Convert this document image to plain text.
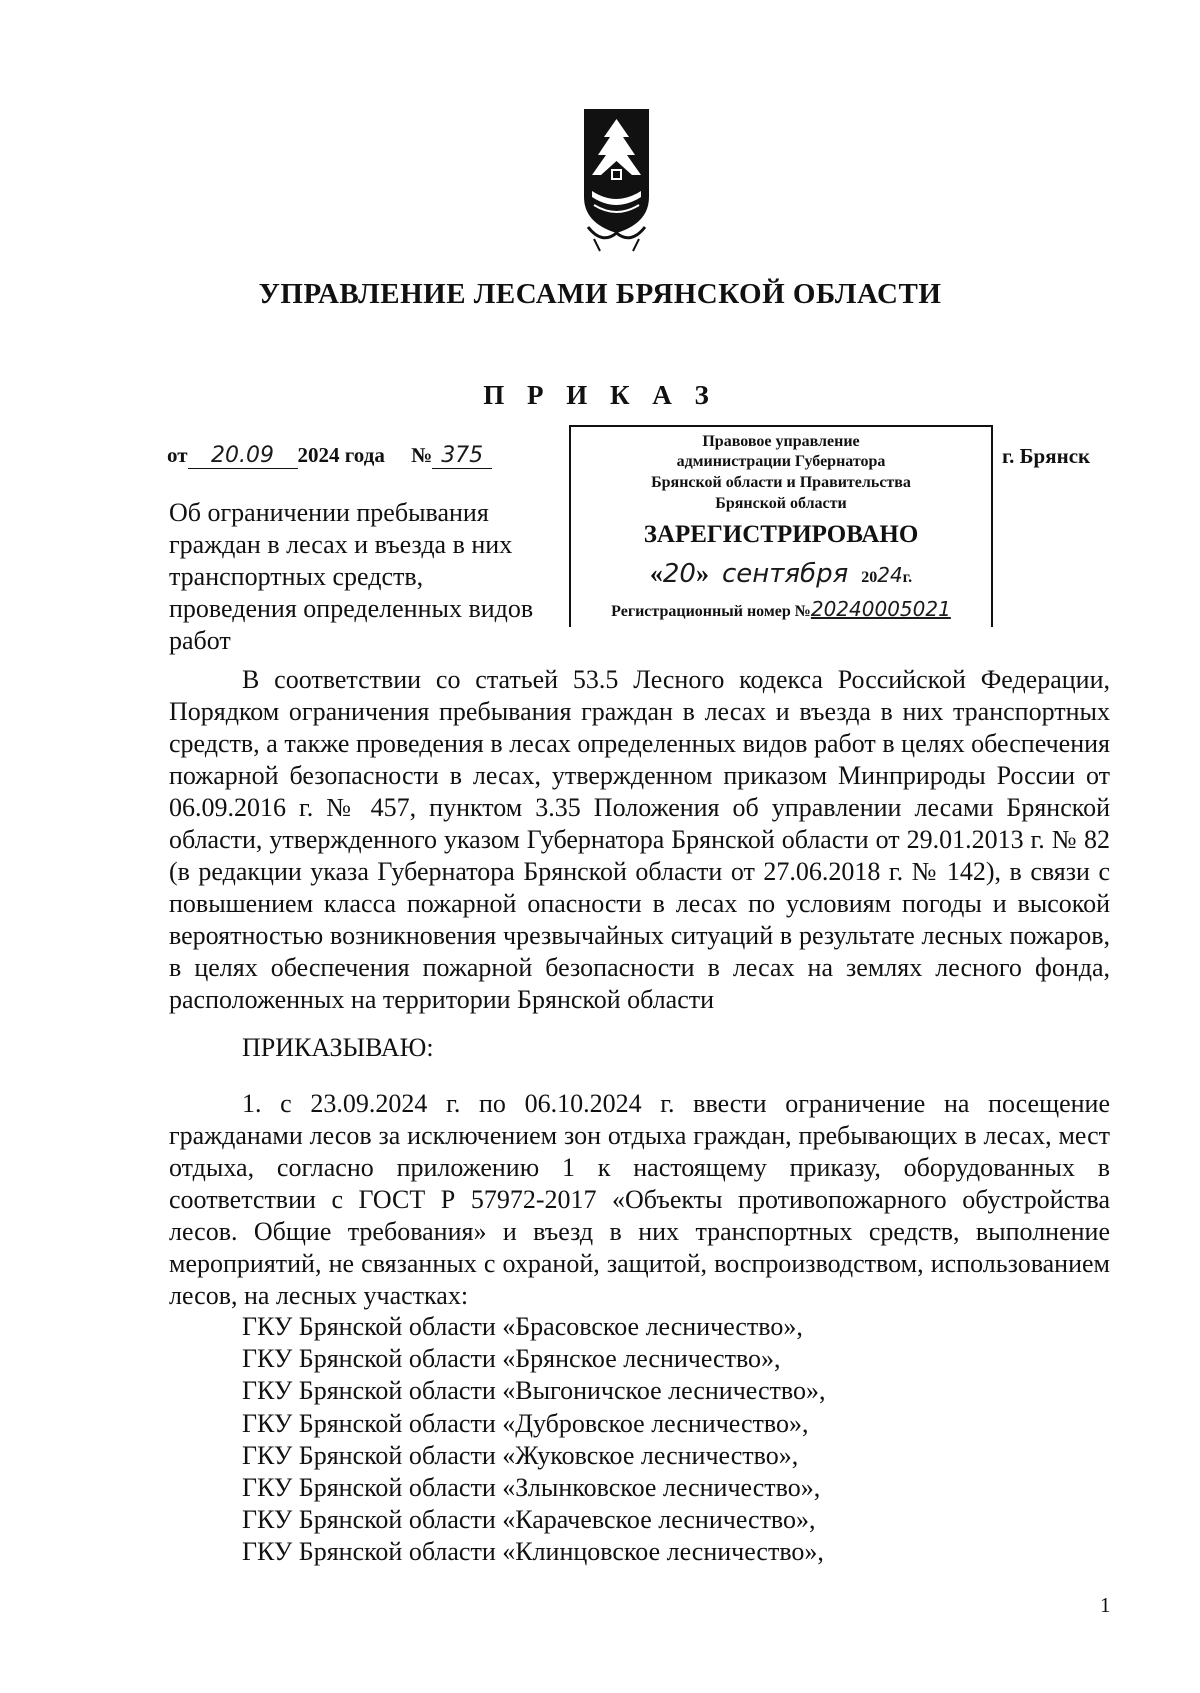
УПРАВЛЕНИЕ ЛЕСАМИ БРЯНСКОЙ ОБЛАСТИ
П Р И К А З
от 20.09 2024 года № 375
Правовое управление
администрации Губернатора
Брянской области и Правительства
Брянской области
ЗАРЕГИСТРИРОВАНО
«20» сентября 2024г.
Регистрационный номер №20240005021
г. Брянск
Об ограничении пребывания граждан в лесах и въезда в них транспортных средств, проведения определенных видов работ
В соответствии со статьей 53.5 Лесного кодекса Российской Федерации, Порядком ограничения пребывания граждан в лесах и въезда в них транспортных средств, а также проведения в лесах определенных видов работ в целях обеспечения пожарной безопасности в лесах, утвержденном приказом Минприроды России от 06.09.2016 г. № 457, пунктом 3.35 Положения об управлении лесами Брянской области, утвержденного указом Губернатора Брянской области от 29.01.2013 г. № 82 (в редакции указа Губернатора Брянской области от 27.06.2018 г. № 142), в связи с повышением класса пожарной опасности в лесах по условиям погоды и высокой вероятностью возникновения чрезвычайных ситуаций в результате лесных пожаров, в целях обеспечения пожарной безопасности в лесах на землях лесного фонда, расположенных на территории Брянской области
ПРИКАЗЫВАЮ:
1. с 23.09.2024 г. по 06.10.2024 г. ввести ограничение на посещение гражданами лесов за исключением зон отдыха граждан, пребывающих в лесах, мест отдыха, согласно приложению 1 к настоящему приказу, оборудованных в соответствии с ГОСТ Р 57972-2017 «Объекты противопожарного обустройства лесов. Общие требования» и въезд в них транспортных средств, выполнение мероприятий, не связанных с охраной, защитой, воспроизводством, использованием лесов, на лесных участках:
ГКУ Брянской области «Брасовское лесничество»,
ГКУ Брянской области «Брянское лесничество»,
ГКУ Брянской области «Выгоничское лесничество»,
ГКУ Брянской области «Дубровское лесничество»,
ГКУ Брянской области «Жуковское лесничество»,
ГКУ Брянской области «Злынковское лесничество»,
ГКУ Брянской области «Карачевское лесничество»,
ГКУ Брянской области «Клинцовское лесничество»,
1
